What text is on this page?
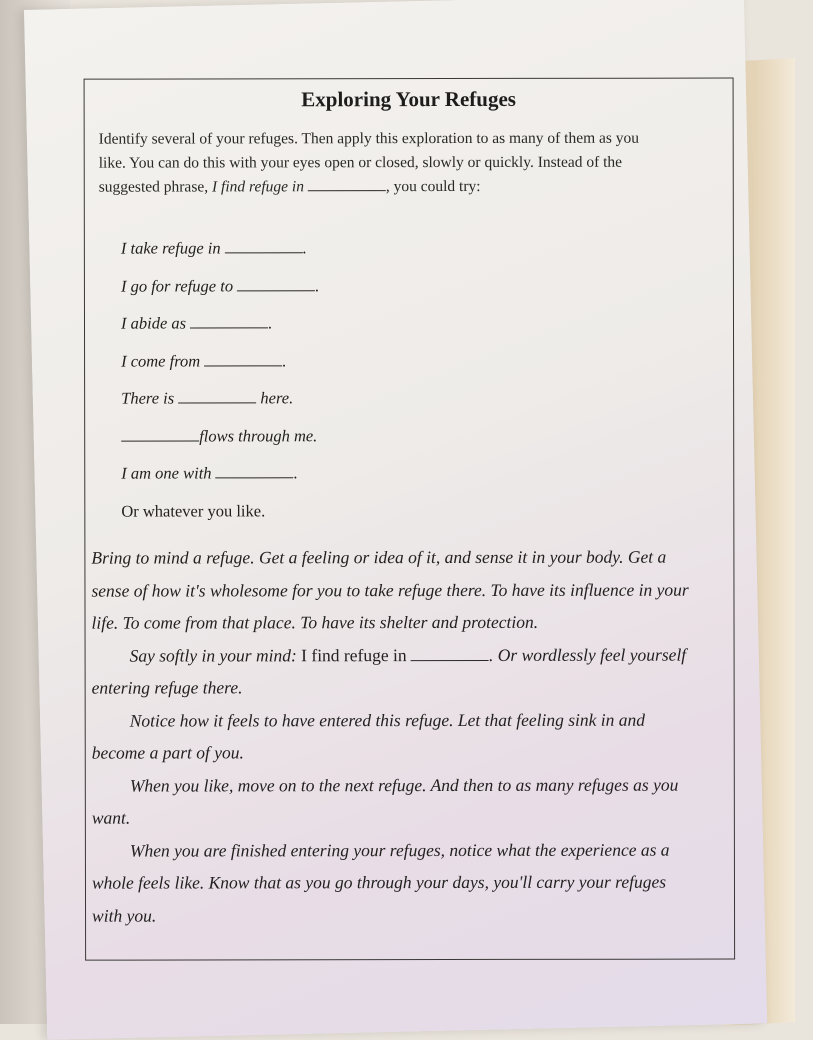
Exploring Your Refuges
Identify several of your refuges. Then apply this exploration to as many of them as you like. You can do this with your eyes open or closed, slowly or quickly. Instead of the suggested phrase, I find refuge in	, you could try:
I take refuge in	.
I go for refuge to	.
I abide as	.
I come from	.
There is	here.
flows through me.
I am one with	.
Or whatever you like.

Bring to mind a refuge. Get a feeling or idea of it, and sense it in your body. Get a sense of how it's wholesome for you to take refuge there. To have its influence in your life. To come from that place. To have its shelter and protection.

Say softly in your mind: I find refuge in	. Or wordlessly feel yourself entering refuge there.

Notice how it feels to have entered this refuge. Let that feeling sink in and become a part of you.

When you like, move on to the next refuge. And then to as many refuges as you want.

When you are finished entering your refuges, notice what the experience as a whole feels like. Know that as you go through your days, you'll carry your refuges with you.
